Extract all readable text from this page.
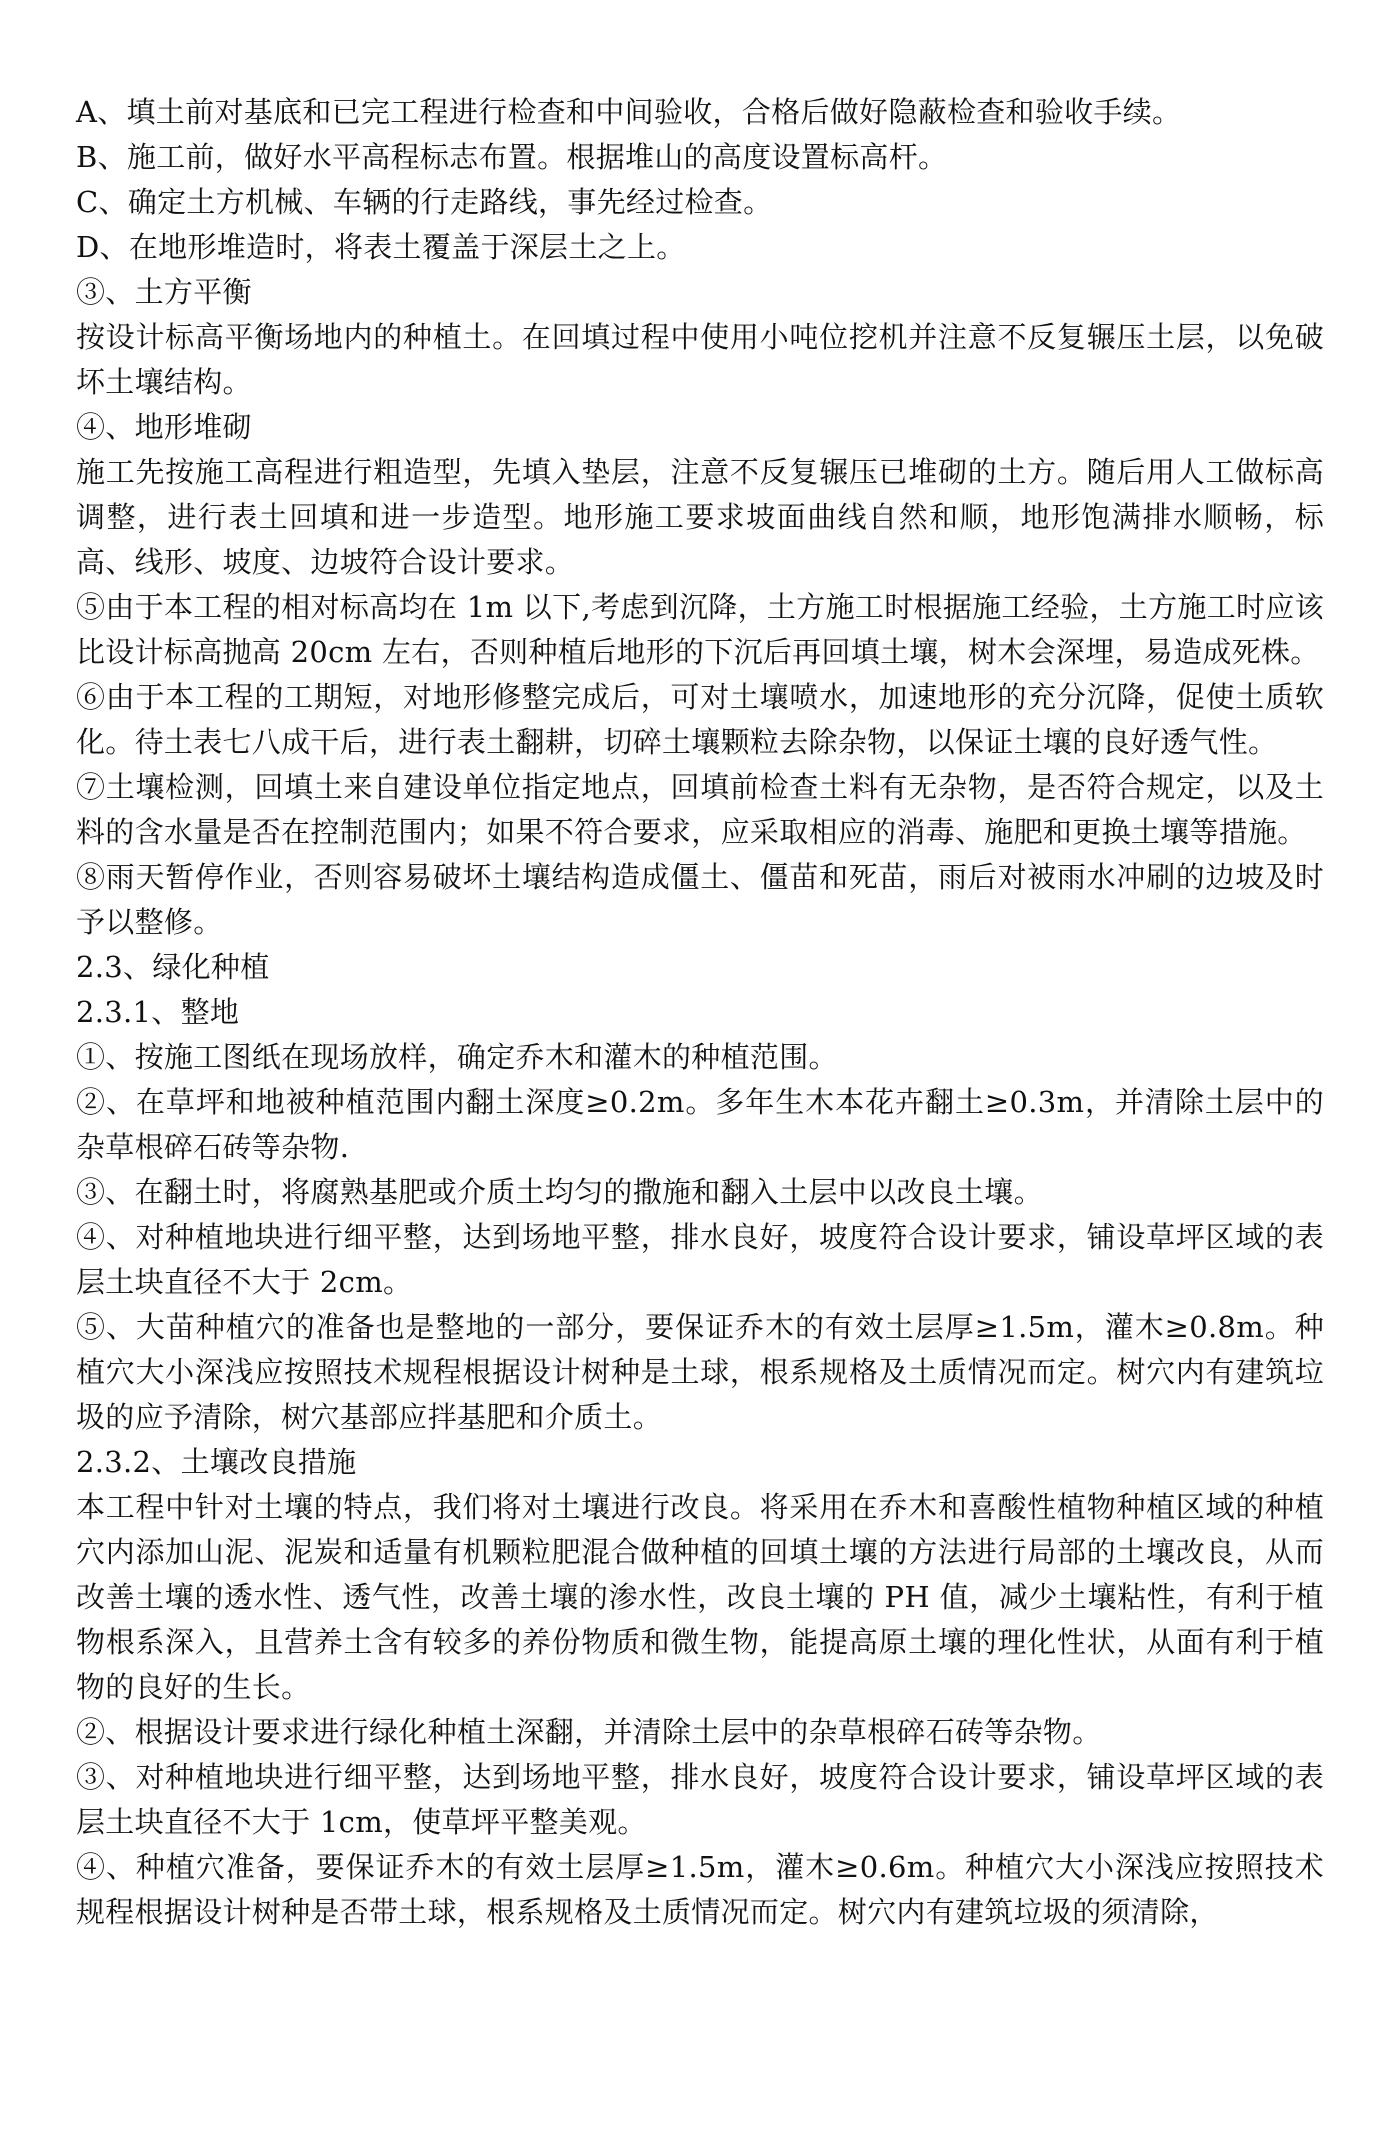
A、填土前对基底和已完工程进行检查和中间验收，合格后做好隐蔽检查和验收手续。

B、施工前，做好水平高程标志布置。根据堆山的高度设置标高杆。

C、确定土方机械、车辆的行走路线，事先经过检查。

D、在地形堆造时，将表土覆盖于深层土之上。

③、土方平衡

按设计标高平衡场地内的种植土。在回填过程中使用小吨位挖机并注意不反复辗压土层，以免破坏土壤结构。

④、地形堆砌

施工先按施工高程进行粗造型，先填入垫层，注意不反复辗压已堆砌的土方。随后用人工做标高调整，进行表土回填和进一步造型。地形施工要求坡面曲线自然和顺，地形饱满排水顺畅，标高、线形、坡度、边坡符合设计要求。

⑤由于本工程的相对标高均在 1m 以下,考虑到沉降，土方施工时根据施工经验，土方施工时应该比设计标高抛高 20cm 左右，否则种植后地形的下沉后再回填土壤，树木会深埋，易造成死株。

⑥由于本工程的工期短，对地形修整完成后，可对土壤喷水，加速地形的充分沉降，促使土质软化。待土表七八成干后，进行表土翻耕，切碎土壤颗粒去除杂物，以保证土壤的良好透气性。

⑦土壤检测，回填土来自建设单位指定地点，回填前检查土料有无杂物，是否符合规定，以及土料的含水量是否在控制范围内；如果不符合要求，应采取相应的消毒、施肥和更换土壤等措施。

⑧雨天暂停作业，否则容易破坏土壤结构造成僵土、僵苗和死苗，雨后对被雨水冲刷的边坡及时予以整修。

2.3、绿化种植

2.3.1、整地

①、按施工图纸在现场放样，确定乔木和灌木的种植范围。

②、在草坪和地被种植范围内翻土深度≥0.2m。多年生木本花卉翻土≥0.3m，并清除土层中的杂草根碎石砖等杂物.

③、在翻土时，将腐熟基肥或介质土均匀的撒施和翻入土层中以改良土壤。

④、对种植地块进行细平整，达到场地平整，排水良好，坡度符合设计要求，铺设草坪区域的表层土块直径不大于 2cm。

⑤、大苗种植穴的准备也是整地的一部分，要保证乔木的有效土层厚≥1.5m，灌木≥0.8m。种植穴大小深浅应按照技术规程根据设计树种是土球，根系规格及土质情况而定。树穴内有建筑垃圾的应予清除，树穴基部应拌基肥和介质土。

2.3.2、土壤改良措施

本工程中针对土壤的特点，我们将对土壤进行改良。将采用在乔木和喜酸性植物种植区域的种植穴内添加山泥、泥炭和适量有机颗粒肥混合做种植的回填土壤的方法进行局部的土壤改良，从而改善土壤的透水性、透气性，改善土壤的渗水性，改良土壤的 PH 值，减少土壤粘性，有利于植物根系深入，且营养土含有较多的养份物质和微生物，能提高原土壤的理化性状，从面有利于植物的良好的生长。

②、根据设计要求进行绿化种植土深翻，并清除土层中的杂草根碎石砖等杂物。

③、对种植地块进行细平整，达到场地平整，排水良好，坡度符合设计要求，铺设草坪区域的表层土块直径不大于 1cm，使草坪平整美观。

④、种植穴准备，要保证乔木的有效土层厚≥1.5m，灌木≥0.6m。种植穴大小深浅应按照技术规程根据设计树种是否带土球，根系规格及土质情况而定。树穴内有建筑垃圾的须清除，
